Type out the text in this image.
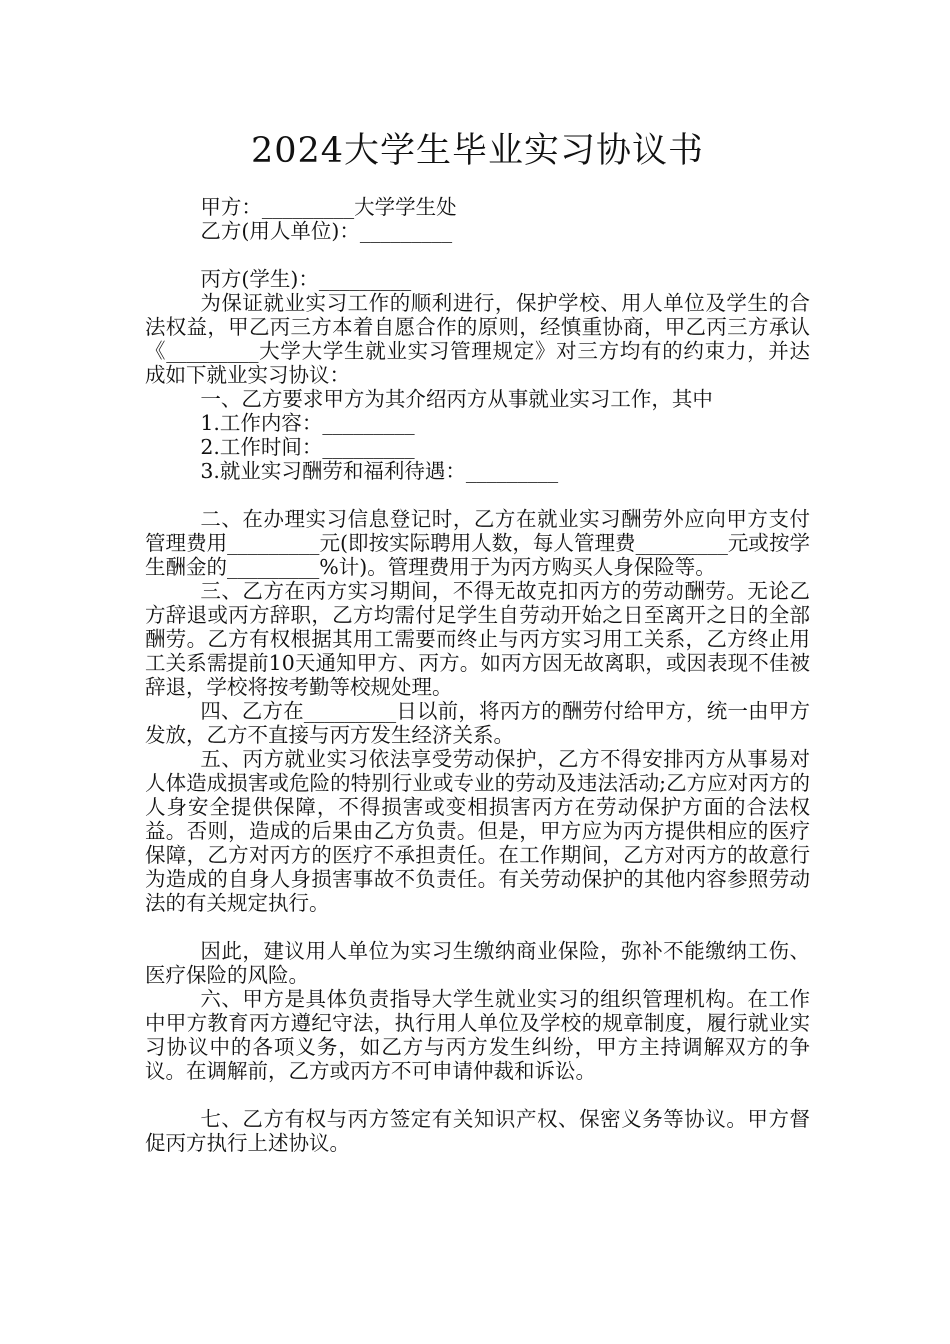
2024大学生毕业实习协议书

甲方：_________大学学生处

乙方(用人单位)：_________

丙方(学生)：_________

为保证就业实习工作的顺利进行，保护学校、用人单位及学生的合法权益，甲乙丙三方本着自愿合作的原则，经慎重协商，甲乙丙三方承认《_________大学大学生就业实习管理规定》对三方均有的约束力，并达成如下就业实习协议：

一、乙方要求甲方为其介绍丙方从事就业实习工作，其中

1.工作内容：_________

2.工作时间：_________

3.就业实习酬劳和福利待遇：_________

二、在办理实习信息登记时，乙方在就业实习酬劳外应向甲方支付管理费用_________元(即按实际聘用人数，每人管理费_________元或按学生酬金的_________%计)。管理费用于为丙方购买人身保险等。

三、乙方在丙方实习期间，不得无故克扣丙方的劳动酬劳。无论乙方辞退或丙方辞职，乙方均需付足学生自劳动开始之日至离开之日的全部酬劳。乙方有权根据其用工需要而终止与丙方实习用工关系，乙方终止用工关系需提前10天通知甲方、丙方。如丙方因无故离职，或因表现不佳被辞退，学校将按考勤等校规处理。

四、乙方在_________日以前，将丙方的酬劳付给甲方，统一由甲方发放，乙方不直接与丙方发生经济关系。

五、丙方就业实习依法享受劳动保护，乙方不得安排丙方从事易对人体造成损害或危险的特别行业或专业的劳动及违法活动;乙方应对丙方的人身安全提供保障，不得损害或变相损害丙方在劳动保护方面的合法权益。否则，造成的后果由乙方负责。但是，甲方应为丙方提供相应的医疗保障，乙方对丙方的医疗不承担责任。在工作期间，乙方对丙方的故意行为造成的自身人身损害事故不负责任。有关劳动保护的其他内容参照劳动法的有关规定执行。

因此，建议用人单位为实习生缴纳商业保险，弥补不能缴纳工伤、医疗保险的风险。

六、甲方是具体负责指导大学生就业实习的组织管理机构。在工作中甲方教育丙方遵纪守法，执行用人单位及学校的规章制度，履行就业实习协议中的各项义务，如乙方与丙方发生纠纷，甲方主持调解双方的争议。在调解前，乙方或丙方不可申请仲裁和诉讼。

七、乙方有权与丙方签定有关知识产权、保密义务等协议。甲方督促丙方执行上述协议。
